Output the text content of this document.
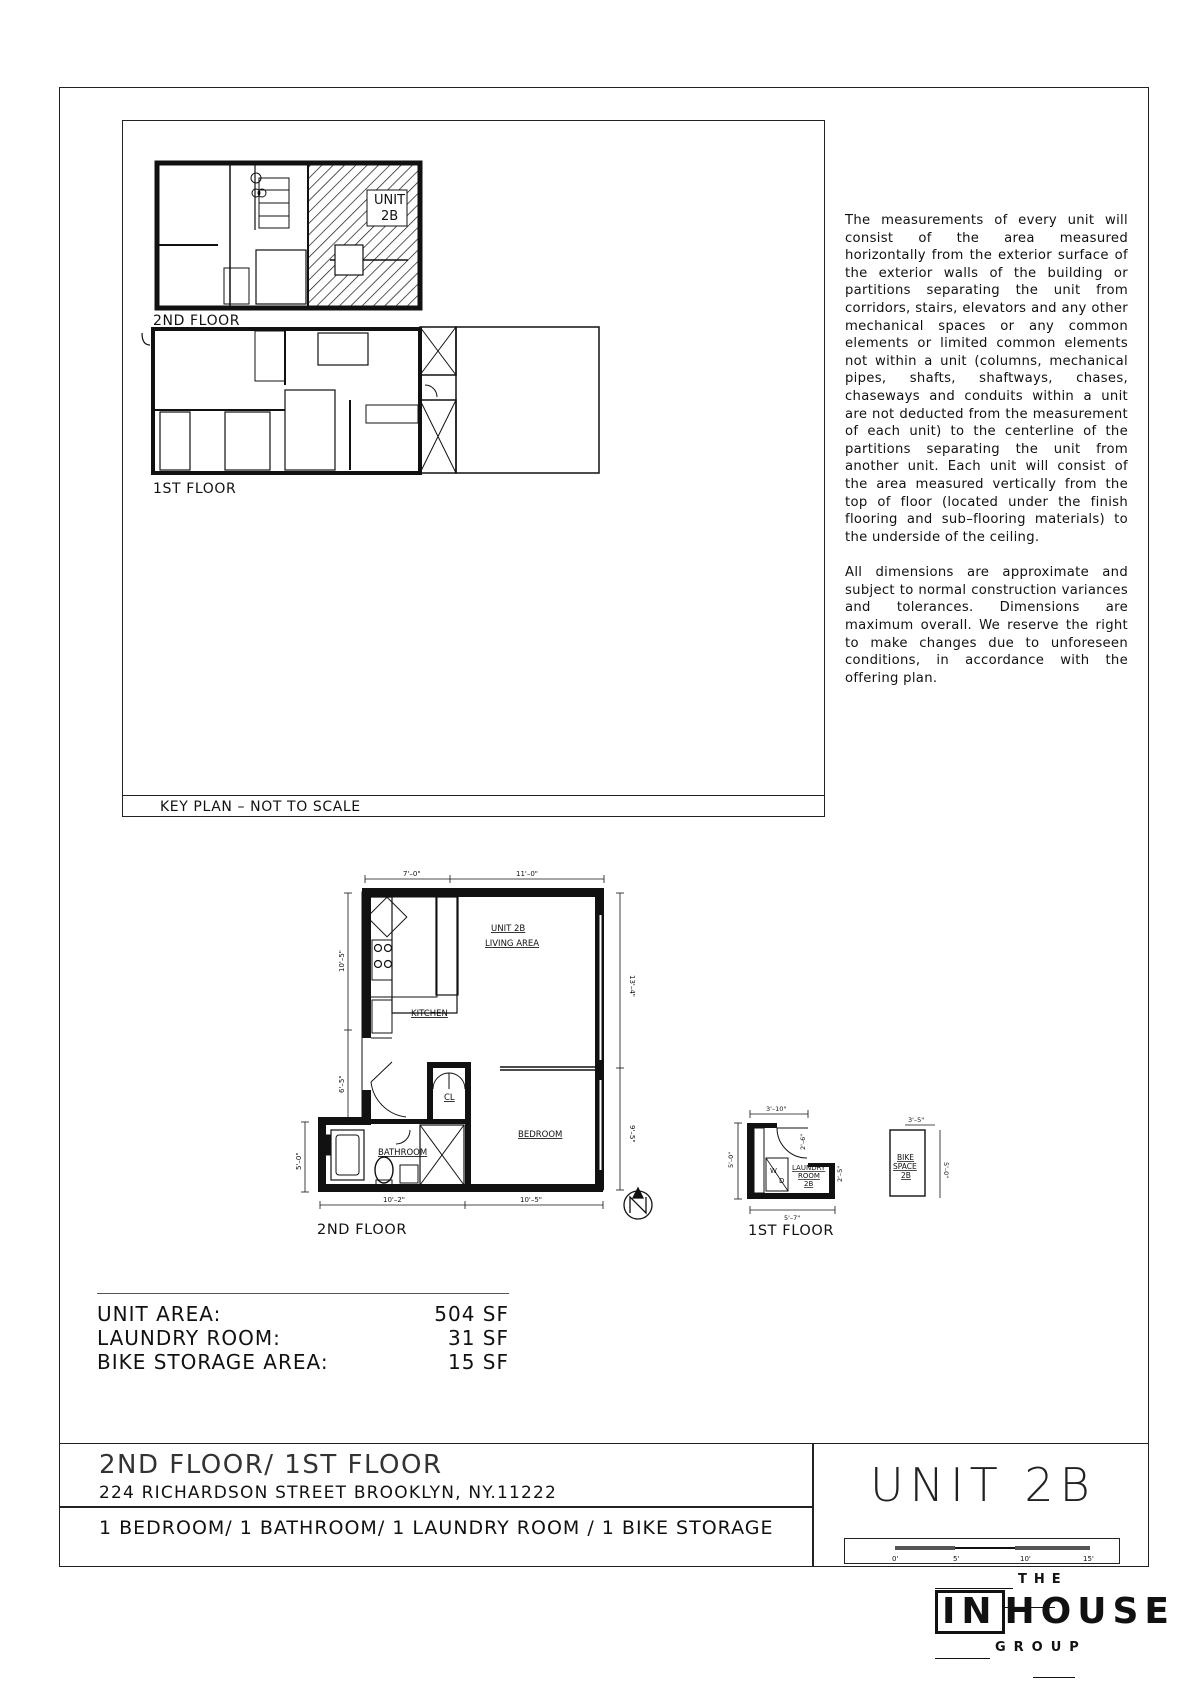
KEY PLAN – NOT TO SCALE
UNIT
2B
2ND FLOOR
1ST FLOOR
7'–0"	11'–0"
10'–5"
6'–5"
5'–0"
13'–4"
9'–5"
10'–2"	10'–5"
UNIT 2B
LIVING AREA
KITCHEN
BEDROOM
BATHROOM
CL
2ND FLOOR
3'–10"
5'–0"
2'–6"
2'–5"
5'–7"
3'–5"
5'–0"
W
D
LAUNDRY
ROOM
2B
BIKE
SPACE
2B
1ST FLOOR
0'	5'	10'	15'

The measurements of every unit will consist of the area measured horizontally from the exterior surface of the exterior walls of the building or partitions separating the unit from corridors, stairs, elevators and any other mechanical spaces or any common elements or limited common elements not within a unit (columns, mechanical pipes, shafts, shaftways, chases, chaseways and conduits within a unit are not deducted from the measurement of each unit) to the centerline of the partitions separating the unit from another unit. Each unit will consist of the area measured vertically from the top of floor (located under the finish flooring and sub–flooring materials) to the underside of the ceiling.

All dimensions are approximate and subject to normal construction variances and tolerances. Dimensions are maximum overall. We reserve the right to make changes due to unforeseen conditions, in accordance with the offering plan.

UNIT AREA:	504 SF
LAUNDRY ROOM:	31 SF
BIKE STORAGE AREA:	15 SF
2ND FLOOR/ 1ST FLOOR
224 RICHARDSON STREET BROOKLYN, NY.11222
1 BEDROOM/ 1 BATHROOM/ 1 LAUNDRY ROOM / 1 BIKE STORAGE
UNIT 2B

THE
IN HOUSE

GROUP
